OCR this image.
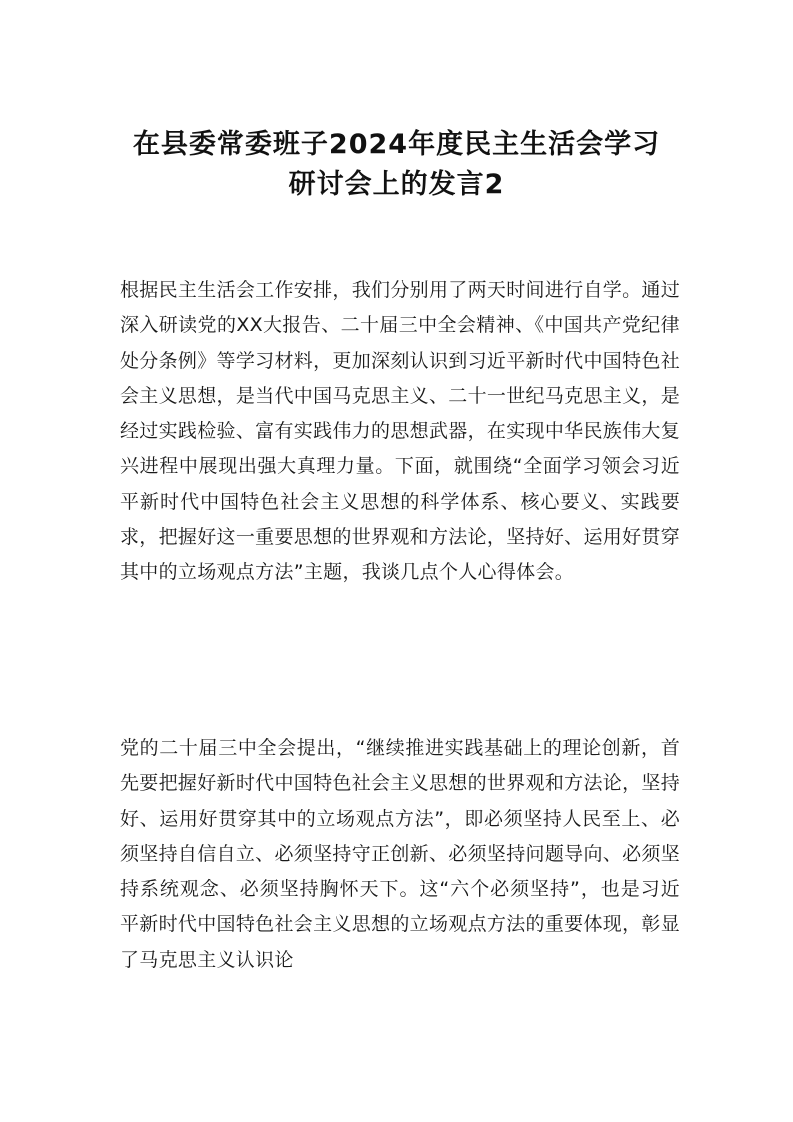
在县委常委班子2024年度民主生活会学习
研讨会上的发言2
根据民主生活会工作安排，我们分别用了两天时间进行自学。通过深入研读党的XX大报告、二十届三中全会精神、《中国共产党纪律处分条例》等学习材料，更加深刻认识到习近平新时代中国特色社会主义思想，是当代中国马克思主义、二十一世纪马克思主义，是经过实践检验、富有实践伟力的思想武器，在实现中华民族伟大复兴进程中展现出强大真理力量。下面，就围绕“全面学习领会习近平新时代中国特色社会主义思想的科学体系、核心要义、实践要求，把握好这一重要思想的世界观和方法论，坚持好、运用好贯穿其中的立场观点方法”主题，我谈几点个人心得体会。
党的二十届三中全会提出，“继续推进实践基础上的理论创新，首先要把握好新时代中国特色社会主义思想的世界观和方法论，坚持好、运用好贯穿其中的立场观点方法”，即必须坚持人民至上、必须坚持自信自立、必须坚持守正创新、必须坚持问题导向、必须坚持系统观念、必须坚持胸怀天下。这“六个必须坚持”，也是习近平新时代中国特色社会主义思想的立场观点方法的重要体现，彰显了马克思主义认识论
